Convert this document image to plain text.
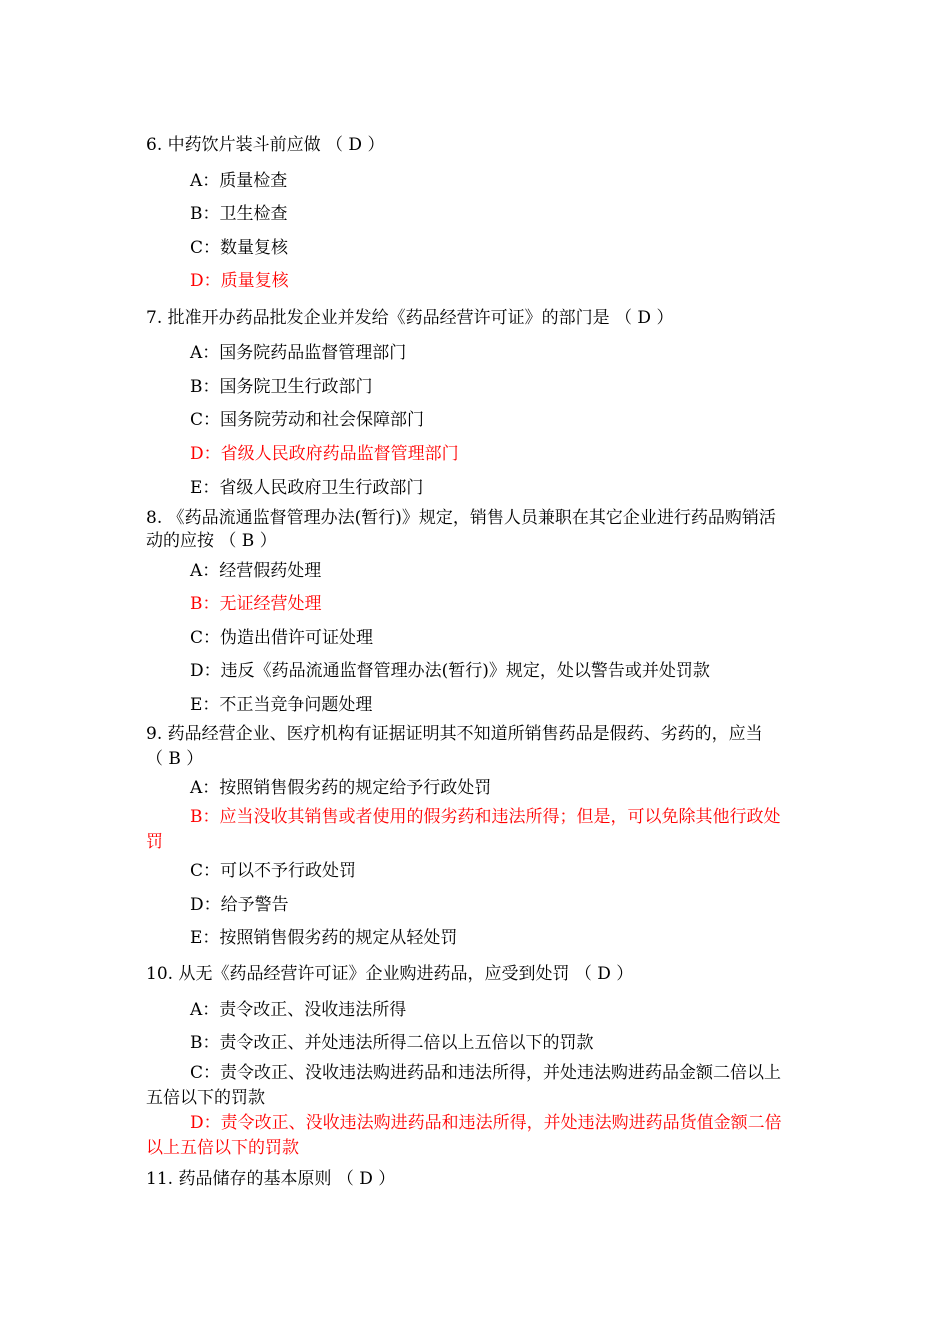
6. 中药饮片装斗前应做 （ D ）
A：质量检查
B：卫生检查
C：数量复核
D：质量复核
7. 批准开办药品批发企业并发给《药品经营许可证》的部门是 （ D ）
A：国务院药品监督管理部门
B：国务院卫生行政部门
C：国务院劳动和社会保障部门
D：省级人民政府药品监督管理部门
E：省级人民政府卫生行政部门
8. 《药品流通监督管理办法(暂行)》规定，销售人员兼职在其它企业进行药品购销活
动的应按 （ B ）
A：经营假药处理
B：无证经营处理
C：伪造出借许可证处理
D：违反《药品流通监督管理办法(暂行)》规定，处以警告或并处罚款
E：不正当竞争问题处理
9. 药品经营企业、医疗机构有证据证明其不知道所销售药品是假药、劣药的，应当
（ B ）
A：按照销售假劣药的规定给予行政处罚
B：应当没收其销售或者使用的假劣药和违法所得；但是，可以免除其他行政处
罚
C：可以不予行政处罚
D：给予警告
E：按照销售假劣药的规定从轻处罚
10. 从无《药品经营许可证》企业购进药品，应受到处罚 （ D ）
A：责令改正、没收违法所得
B：责令改正、并处违法所得二倍以上五倍以下的罚款
C：责令改正、没收违法购进药品和违法所得，并处违法购进药品金额二倍以上
五倍以下的罚款
D：责令改正、没收违法购进药品和违法所得，并处违法购进药品货值金额二倍
以上五倍以下的罚款
11. 药品储存的基本原则 （ D ）
